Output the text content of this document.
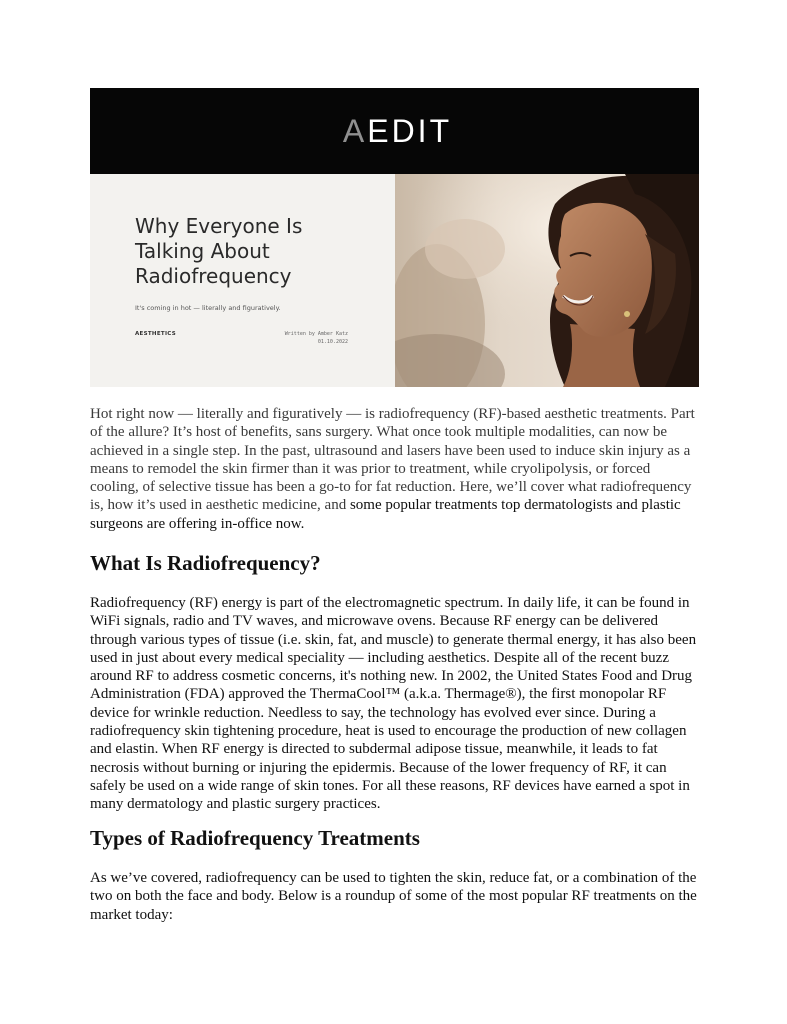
AEDIT
Why Everyone Is Talking About Radiofrequency
It's coming in hot — literally and figuratively.
AESTHETICS	Written by Amber Katz
01.10.2022

Hot right now — literally and figuratively — is radiofrequency (RF)-based aesthetic treatments. Part of the allure? It’s host of benefits, sans surgery. What once took multiple modalities, can now be achieved in a single step. In the past, ultrasound and lasers have been used to induce skin injury as a means to remodel the skin firmer than it was prior to treatment, while cryolipolysis, or forced cooling, of selective tissue has been a go-to for fat reduction. Here, we’ll cover what radiofrequency is, how it’s used in aesthetic medicine, and some popular treatments top dermatologists and plastic surgeons are offering in-office now.

What Is Radiofrequency?

Radiofrequency (RF) energy is part of the electromagnetic spectrum. In daily life, it can be found in WiFi signals, radio and TV waves, and microwave ovens. Because RF energy can be delivered through various types of tissue (i.e. skin, fat, and muscle) to generate thermal energy, it has also been used in just about every medical speciality — including aesthetics. Despite all of the recent buzz around RF to address cosmetic concerns, it's nothing new. In 2002, the United States Food and Drug Administration (FDA) approved the ThermaCool™ (a.k.a. Thermage®), the first monopolar RF device for wrinkle reduction. Needless to say, the technology has evolved ever since. During a radiofrequency skin tightening procedure, heat is used to encourage the production of new collagen and elastin. When RF energy is directed to subdermal adipose tissue, meanwhile, it leads to fat necrosis without burning or injuring the epidermis. Because of the lower frequency of RF, it can safely be used on a wide range of skin tones. For all these reasons, RF devices have earned a spot in many dermatology and plastic surgery practices.

Types of Radiofrequency Treatments

As we’ve covered, radiofrequency can be used to tighten the skin, reduce fat, or a combination of the two on both the face and body. Below is a roundup of some of the most popular RF treatments on the market today:
